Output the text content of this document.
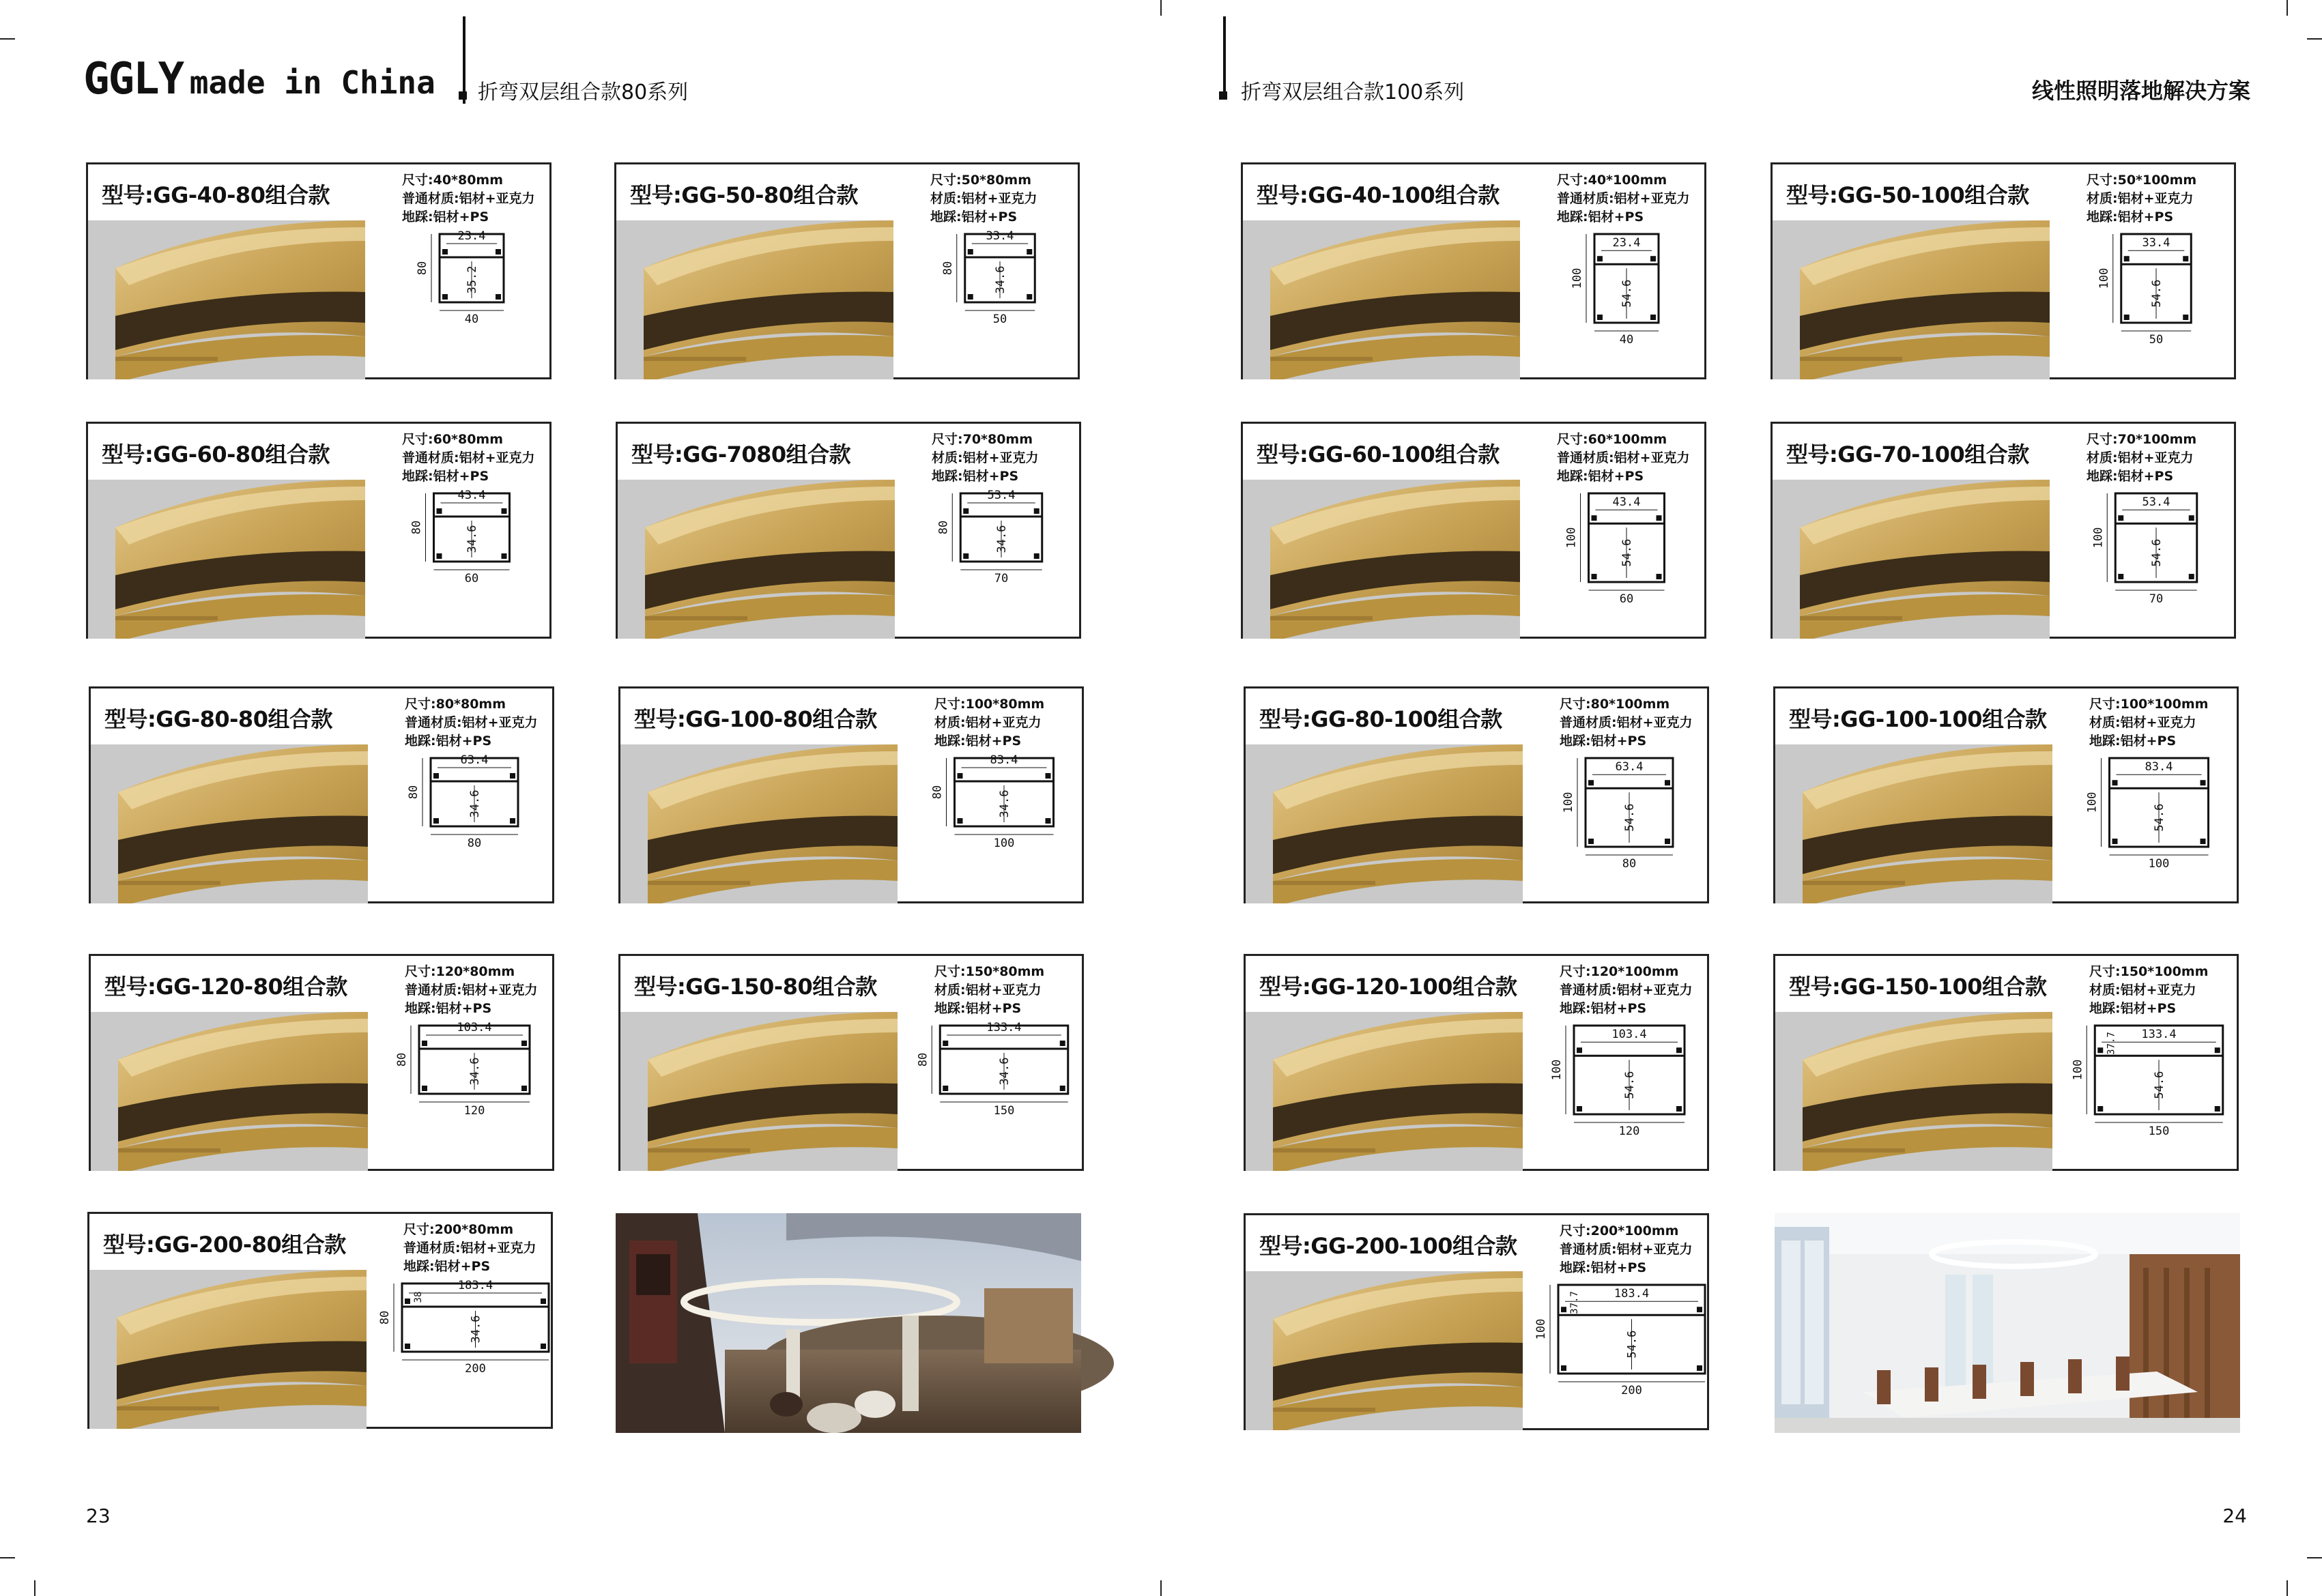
GGLY made in China 折弯双层组合款80系列	折弯双层组合款100系列	线性照明落地解决方案
型号:GG-40-80组合款
尺寸:40*80mm
普通材质:铝材+亚克力
地踩:铝材+PS
23.4
35.2
80
40
型号:GG-50-80组合款
尺寸:50*80mm
材质:铝材+亚克力
地踩:铝材+PS
33.4
34.6
80
50
型号:GG-60-80组合款
尺寸:60*80mm
普通材质:铝材+亚克力
地踩:铝材+PS
43.4
34.6
80
60
型号:GG-7080组合款
尺寸:70*80mm
材质:铝材+亚克力
地踩:铝材+PS
53.4
34.6
80
70
型号:GG-80-80组合款
尺寸:80*80mm
普通材质:铝材+亚克力
地踩:铝材+PS
63.4
34.6
80
80
型号:GG-100-80组合款
尺寸:100*80mm
材质:铝材+亚克力
地踩:铝材+PS
83.4
34.6
80
100
型号:GG-120-80组合款
尺寸:120*80mm
普通材质:铝材+亚克力
地踩:铝材+PS
103.4
34.6
80
120
型号:GG-150-80组合款
尺寸:150*80mm
材质:铝材+亚克力
地踩:铝材+PS
133.4
34.6
80
150
型号:GG-200-80组合款
尺寸:200*80mm
普通材质:铝材+亚克力
地踩:铝材+PS
183.4
34.6
80
200
38
型号:GG-40-100组合款
尺寸:40*100mm
普通材质:铝材+亚克力
地踩:铝材+PS
23.4
54.6
100
40
型号:GG-50-100组合款
尺寸:50*100mm
材质:铝材+亚克力
地踩:铝材+PS
33.4
54.6
100
50
型号:GG-60-100组合款
尺寸:60*100mm
普通材质:铝材+亚克力
地踩:铝材+PS
43.4
54.6
100
60
型号:GG-70-100组合款
尺寸:70*100mm
材质:铝材+亚克力
地踩:铝材+PS
53.4
54.6
100
70
型号:GG-80-100组合款
尺寸:80*100mm
普通材质:铝材+亚克力
地踩:铝材+PS
63.4
54.6
100
80
型号:GG-100-100组合款
尺寸:100*100mm
材质:铝材+亚克力
地踩:铝材+PS
83.4
54.6
100
100
型号:GG-120-100组合款
尺寸:120*100mm
普通材质:铝材+亚克力
地踩:铝材+PS
103.4
54.6
100
120
型号:GG-150-100组合款
尺寸:150*100mm
材质:铝材+亚克力
地踩:铝材+PS
133.4
54.6
100
150
37.7
型号:GG-200-100组合款
尺寸:200*100mm
普通材质:铝材+亚克力
地踩:铝材+PS
183.4
54.6
100
200
37.7
23	24
